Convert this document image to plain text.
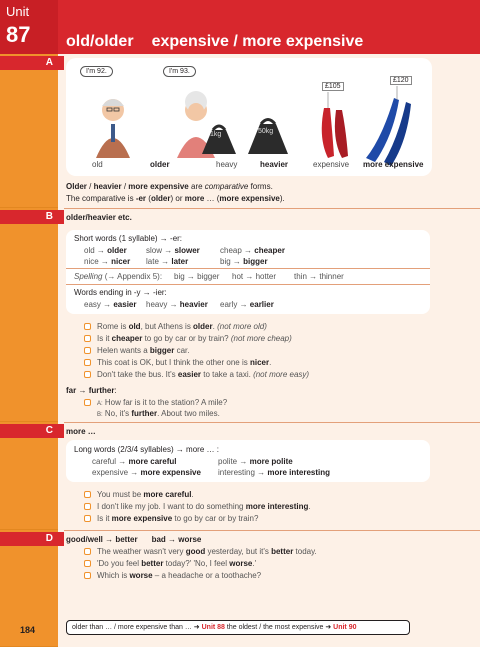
Unit
87 old/older expensive / more expensive
A
I'm 92.	I'm 93.
1kg	50kg
£105
£120
old	older	heavy	heavier	expensive more expensive
Older / heavier / more expensive are comparative forms.
The comparative is -er (older) or more … (more expensive).
B	older/heavier etc.
Short words (1 syllable) → -er:
old → older slow → slower	cheap → cheaper
nice → nicer late → later	big → bigger
Spelling (→ Appendix 5): big → bigger hot → hotter thin → thinner
Words ending in -y → -ier:
easy → easier heavy → heavier early → earlier
Rome is old, but Athens is older. (not more old)
Is it cheaper to go by car or by train? (not more cheap)
Helen wants a bigger car.
This coat is OK, but I think the other one is nicer.
Don't take the bus. It's easier to take a taxi. (not more easy)
far → further:
A: How far is it to the station? A mile?
B: No, it's further. About two miles.
C	more …
Long words (2/3/4 syllables) → more … :
careful → more careful	polite → more polite
expensive → more expensive interesting → more interesting
You must be more careful.
I don't like my job. I want to do something more interesting.
Is it more expensive to go by car or by train?
D	good/well → better bad → worse
The weather wasn't very good yesterday, but it's better today.
'Do you feel better today?' 'No, I feel worse.'
Which is worse – a headache or a toothache?
184	older than … / more expensive than … ➜ Unit 88 the oldest / the most expensive ➜ Unit 90
